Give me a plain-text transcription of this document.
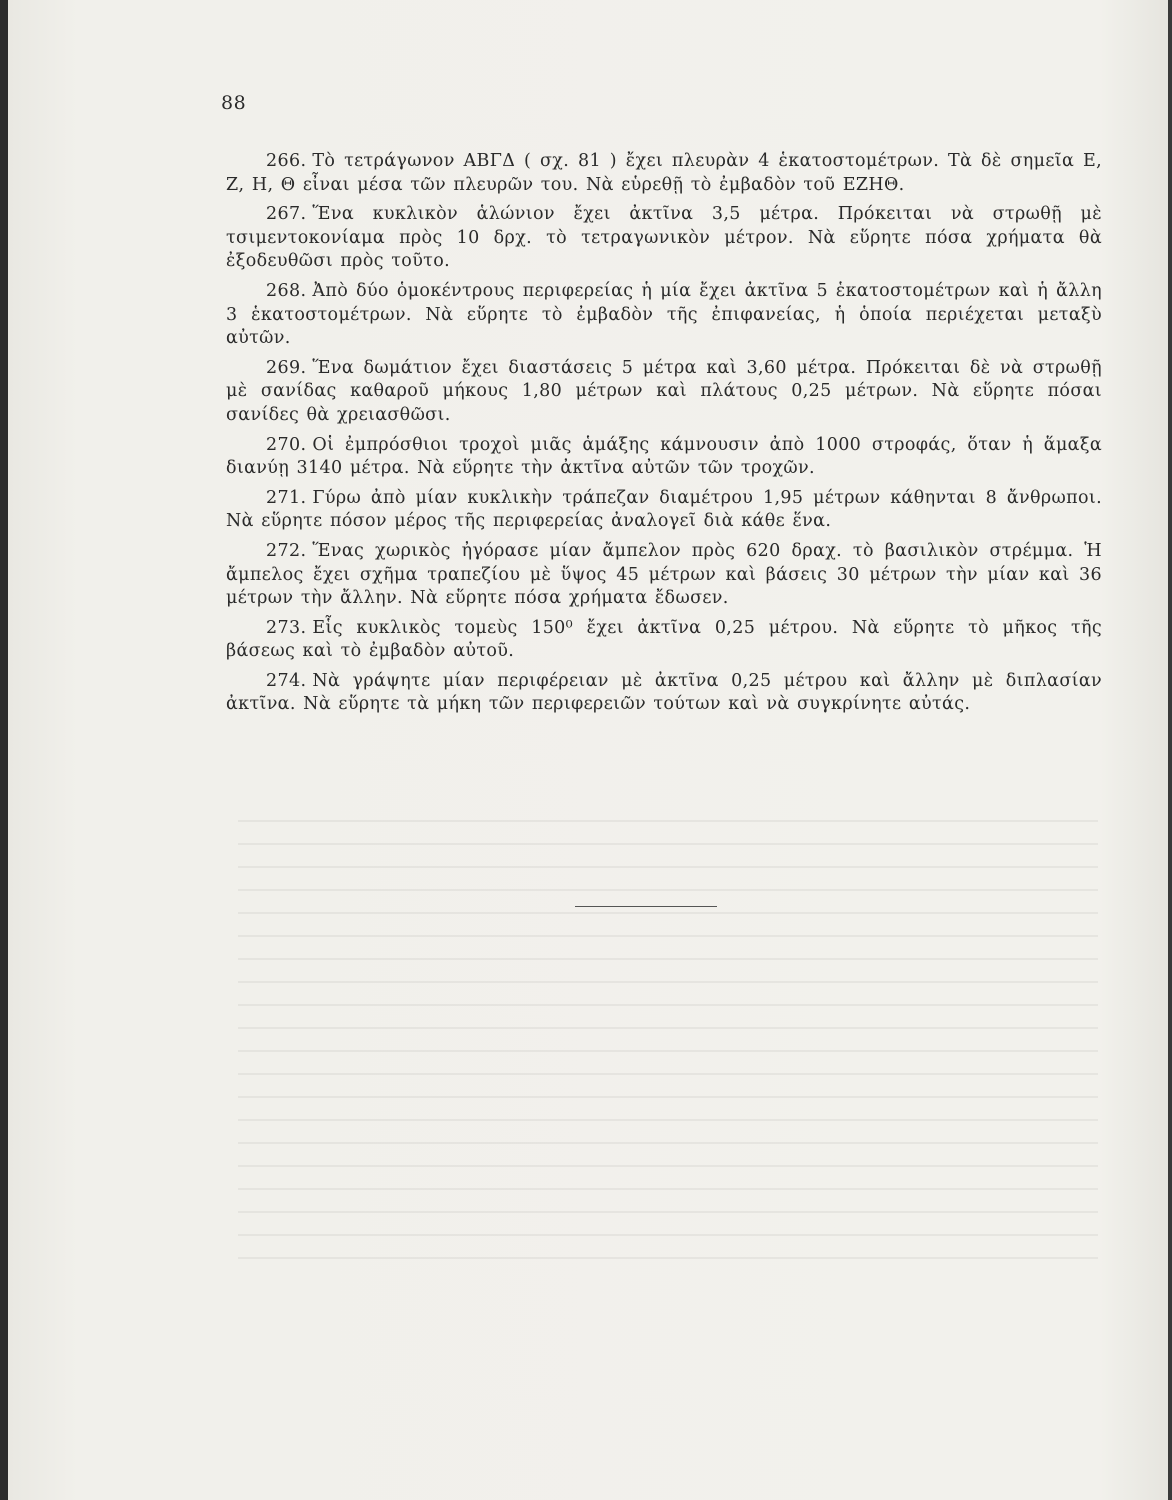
88

266. Τὸ τετράγωνον ΑΒΓΔ ( σχ. 81 ) ἔχει πλευρὰν 4 ἑκατοστομέτρων. Τὰ δὲ σημεῖα Ε, Ζ, Η, Θ εἶναι μέσα τῶν πλευρῶν του. Νὰ εὑρεθῇ τὸ ἐμβαδὸν τοῦ ΕΖΗΘ.

267. Ἕνα κυκλικὸν ἁλώνιον ἔχει ἀκτῖνα 3,5 μέτρα. Πρόκειται νὰ στρωθῇ μὲ τσιμεντοκονίαμα πρὸς 10 δρχ. τὸ τετραγωνικὸν μέτρον. Νὰ εὕρητε πόσα χρήματα θὰ ἐξοδευθῶσι πρὸς τοῦτο.

268. Ἀπὸ δύο ὁμοκέντρους περιφερείας ἡ μία ἔχει ἀκτῖνα 5 ἑκατοστομέτρων καὶ ἡ ἄλλη 3 ἑκατοστομέτρων. Νὰ εὕρητε τὸ ἐμβαδὸν τῆς ἐπιφανείας, ἡ ὁποία περιέχεται μεταξὺ αὐτῶν.

269. Ἕνα δωμάτιον ἔχει διαστάσεις 5 μέτρα καὶ 3,60 μέτρα. Πρόκειται δὲ νὰ στρωθῇ μὲ σανίδας καθαροῦ μήκους 1,80 μέτρων καὶ πλάτους 0,25 μέτρων. Νὰ εὕρητε πόσαι σανίδες θὰ χρειασθῶσι.

270. Οἱ ἐμπρόσθιοι τροχοὶ μιᾶς ἁμάξης κάμνουσιν ἀπὸ 1000 στροφάς, ὅταν ἡ ἅμαξα διανύῃ 3140 μέτρα. Νὰ εὕρητε τὴν ἀκτῖνα αὐτῶν τῶν τροχῶν.

271. Γύρω ἀπὸ μίαν κυκλικὴν τράπεζαν διαμέτρου 1,95 μέτρων κάθηνται 8 ἄνθρωποι. Νὰ εὕρητε πόσον μέρος τῆς περιφερείας ἀναλογεῖ διὰ κάθε ἕνα.

272. Ἕνας χωρικὸς ἠγόρασε μίαν ἄμπελον πρὸς 620 δραχ. τὸ βασιλικὸν στρέμμα. Ἡ ἄμπελος ἔχει σχῆμα τραπεζίου μὲ ὕψος 45 μέτρων καὶ βάσεις 30 μέτρων τὴν μίαν καὶ 36 μέτρων τὴν ἄλλην. Νὰ εὕρητε πόσα χρήματα ἔδωσεν.

273. Εἷς κυκλικὸς τομεὺς 150⁰ ἔχει ἀκτῖνα 0,25 μέτρου. Νὰ εὕρητε τὸ μῆκος τῆς βάσεως καὶ τὸ ἐμβαδὸν αὐτοῦ.

274. Νὰ γράψητε μίαν περιφέρειαν μὲ ἀκτῖνα 0,25 μέτρου καὶ ἄλλην μὲ διπλασίαν ἀκτῖνα. Νὰ εὕρητε τὰ μήκη τῶν περιφερειῶν τούτων καὶ νὰ συγκρίνητε αὐτάς.
